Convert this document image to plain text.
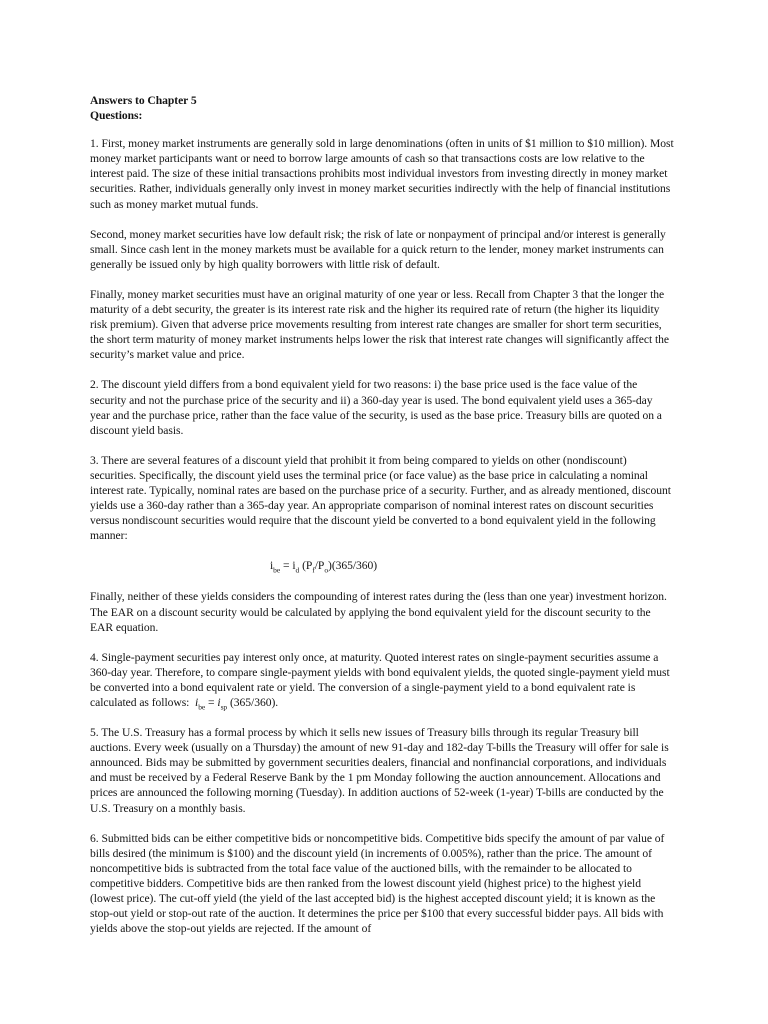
Answers to Chapter 5
Questions:

1. First, money market instruments are generally sold in large denominations (often in units of $1 million to $10 million). Most money market participants want or need to borrow large amounts of cash so that transactions costs are low relative to the interest paid. The size of these initial transactions prohibits most individual investors from investing directly in money market securities. Rather, individuals generally only invest in money market securities indirectly with the help of financial institutions such as money market mutual funds.

Second, money market securities have low default risk; the risk of late or nonpayment of principal and/or interest is generally small. Since cash lent in the money markets must be available for a quick return to the lender, money market instruments can generally be issued only by high quality borrowers with little risk of default.

Finally, money market securities must have an original maturity of one year or less. Recall from Chapter 3 that the longer the maturity of a debt security, the greater is its interest rate risk and the higher its required rate of return (the higher its liquidity risk premium). Given that adverse price movements resulting from interest rate changes are smaller for short term securities, the short term maturity of money market instruments helps lower the risk that interest rate changes will significantly affect the security’s market value and price.

2. The discount yield differs from a bond equivalent yield for two reasons: i) the base price used is the face value of the security and not the purchase price of the security and ii) a 360-day year is used. The bond equivalent yield uses a 365-day year and the purchase price, rather than the face value of the security, is used as the base price. Treasury bills are quoted on a discount yield basis.

3. There are several features of a discount yield that prohibit it from being compared to yields on other (nondiscount) securities. Specifically, the discount yield uses the terminal price (or face value) as the base price in calculating a nominal interest rate. Typically, nominal rates are based on the purchase price of a security. Further, and as already mentioned, discount yields use a 360-day rather than a 365-day year. An appropriate comparison of nominal interest rates on discount securities versus nondiscount securities would require that the discount yield be converted to a bond equivalent yield in the following manner:

$i_{be} = i_d$ $(P_f/P_o)(365/360)$

Finally, neither of these yields considers the compounding of interest rates during the (less than one year) investment horizon. The EAR on a discount security would be calculated by applying the bond equivalent yield for the discount security to the EAR equation.

4. Single-payment securities pay interest only once, at maturity. Quoted interest rates on single-payment securities assume a 360-day year. Therefore, to compare single-payment yields with bond equivalent yields, the quoted single-payment yield must be converted into a bond equivalent rate or yield. The conversion of a single-payment yield to a bond equivalent rate is calculated as follows: $i_{be} = i_{sp}$ (365/360).

5. The U.S. Treasury has a formal process by which it sells new issues of Treasury bills through its regular Treasury bill auctions. Every week (usually on a Thursday) the amount of new 91-day and 182-day T-bills the Treasury will offer for sale is announced. Bids may be submitted by government securities dealers, financial and nonfinancial corporations, and individuals and must be received by a Federal Reserve Bank by the 1 pm Monday following the auction announcement. Allocations and prices are announced the following morning (Tuesday). In addition auctions of 52-week (1-year) T-bills are conducted by the U.S. Treasury on a monthly basis.

6. Submitted bids can be either competitive bids or noncompetitive bids. Competitive bids specify the amount of par value of bills desired (the minimum is $100) and the discount yield (in increments of 0.005%), rather than the price. The amount of noncompetitive bids is subtracted from the total face value of the auctioned bills, with the remainder to be allocated to competitive bidders. Competitive bids are then ranked from the lowest discount yield (highest price) to the highest yield (lowest price). The cut-off yield (the yield of the last accepted bid) is the highest accepted discount yield; it is known as the stop-out yield or stop-out rate of the auction. It determines the price per $100 that every successful bidder pays. All bids with yields above the stop-out yields are rejected. If the amount of
